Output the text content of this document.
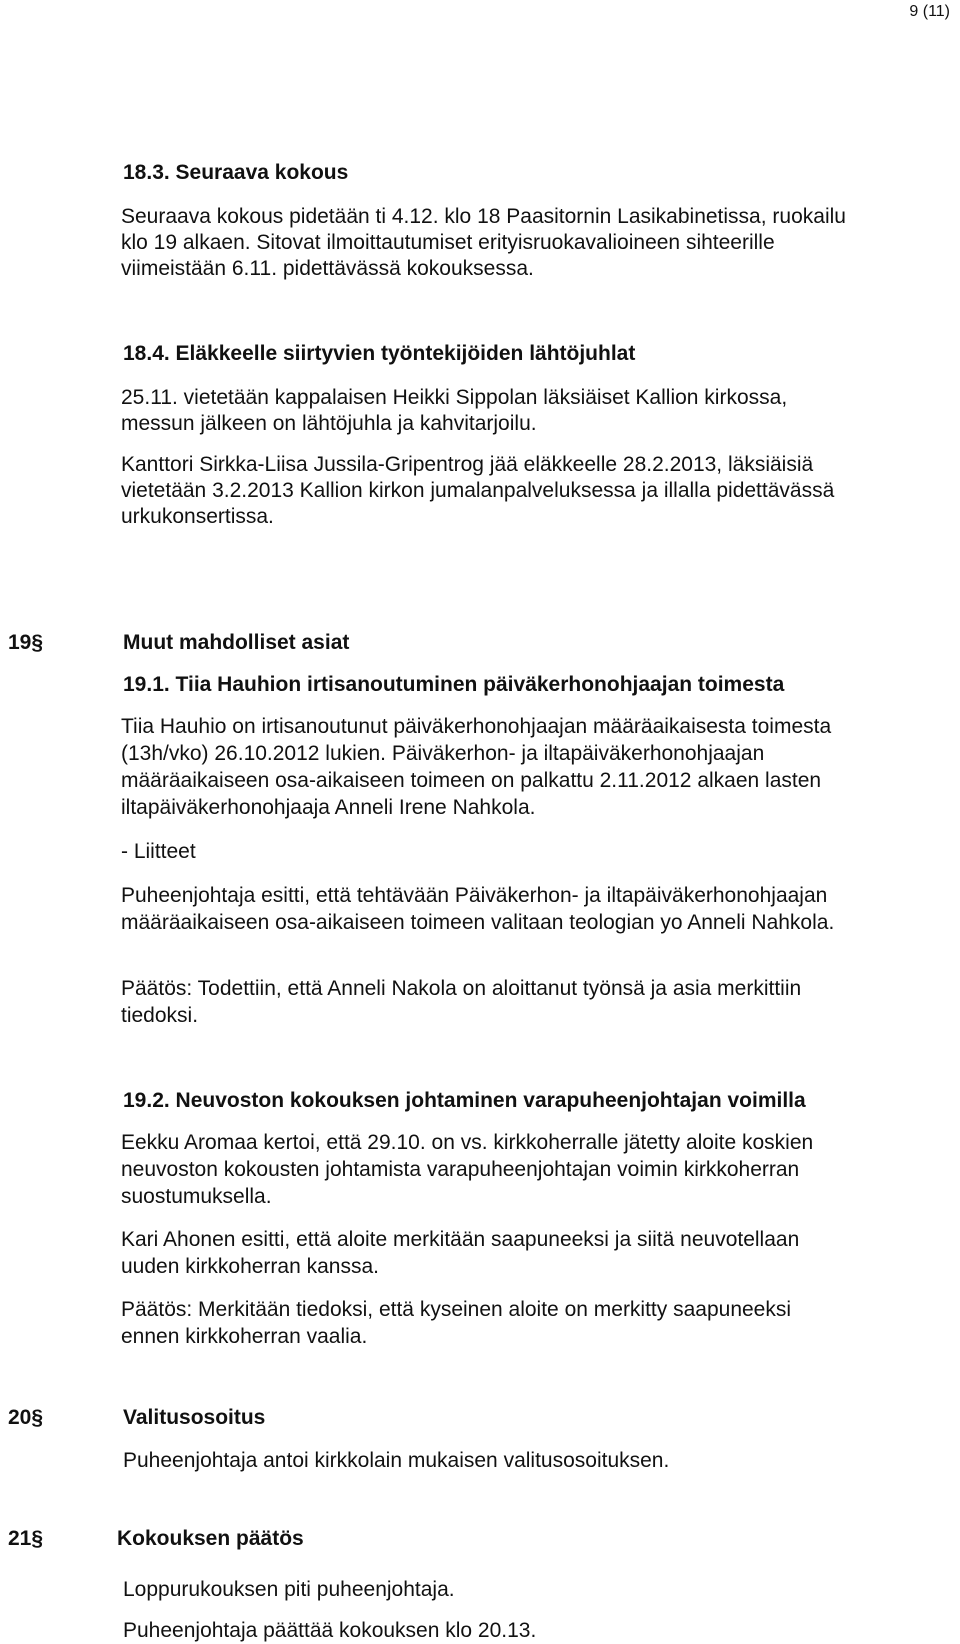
9 (11)
18.3. Seuraava kokous
Seuraava kokous pidetään ti 4.12. klo 18 Paasitornin Lasikabinetissa, ruokailu
klo 19 alkaen. Sitovat ilmoittautumiset erityisruokavalioineen sihteerille
viimeistään 6.11. pidettävässä kokouksessa.
18.4. Eläkkeelle siirtyvien työntekijöiden lähtöjuhlat
25.11. vietetään kappalaisen Heikki Sippolan läksiäiset Kallion kirkossa,
messun jälkeen on lähtöjuhla ja kahvitarjoilu.
Kanttori Sirkka-Liisa Jussila-Gripentrog jää eläkkeelle 28.2.2013, läksiäisiä
vietetään 3.2.2013 Kallion kirkon jumalanpalveluksessa ja illalla pidettävässä
urkukonsertissa.
19§	Muut mahdolliset asiat
19.1. Tiia Hauhion irtisanoutuminen päiväkerhonohjaajan toimesta
Tiia Hauhio on irtisanoutunut päiväkerhonohjaajan määräaikaisesta toimesta
(13h/vko) 26.10.2012 lukien. Päiväkerhon- ja iltapäiväkerhonohjaajan
määräaikaiseen osa-aikaiseen toimeen on palkattu 2.11.2012 alkaen lasten
iltapäiväkerhonohjaaja Anneli Irene Nahkola.
- Liitteet
Puheenjohtaja esitti, että tehtävään Päiväkerhon- ja iltapäiväkerhonohjaajan
määräaikaiseen osa-aikaiseen toimeen valitaan teologian yo Anneli Nahkola.
Päätös: Todettiin, että Anneli Nakola on aloittanut työnsä ja asia merkittiin
tiedoksi.
19.2. Neuvoston kokouksen johtaminen varapuheenjohtajan voimilla
Eekku Aromaa kertoi, että 29.10. on vs. kirkkoherralle jätetty aloite koskien
neuvoston kokousten johtamista varapuheenjohtajan voimin kirkkoherran
suostumuksella.
Kari Ahonen esitti, että aloite merkitään saapuneeksi ja siitä neuvotellaan
uuden kirkkoherran kanssa.
Päätös: Merkitään tiedoksi, että kyseinen aloite on merkitty saapuneeksi
ennen kirkkoherran vaalia.
20§	Valitusosoitus
Puheenjohtaja antoi kirkkolain mukaisen valitusosoituksen.
21§	Kokouksen päätös
Loppurukouksen piti puheenjohtaja.
Puheenjohtaja päättää kokouksen klo 20.13.
